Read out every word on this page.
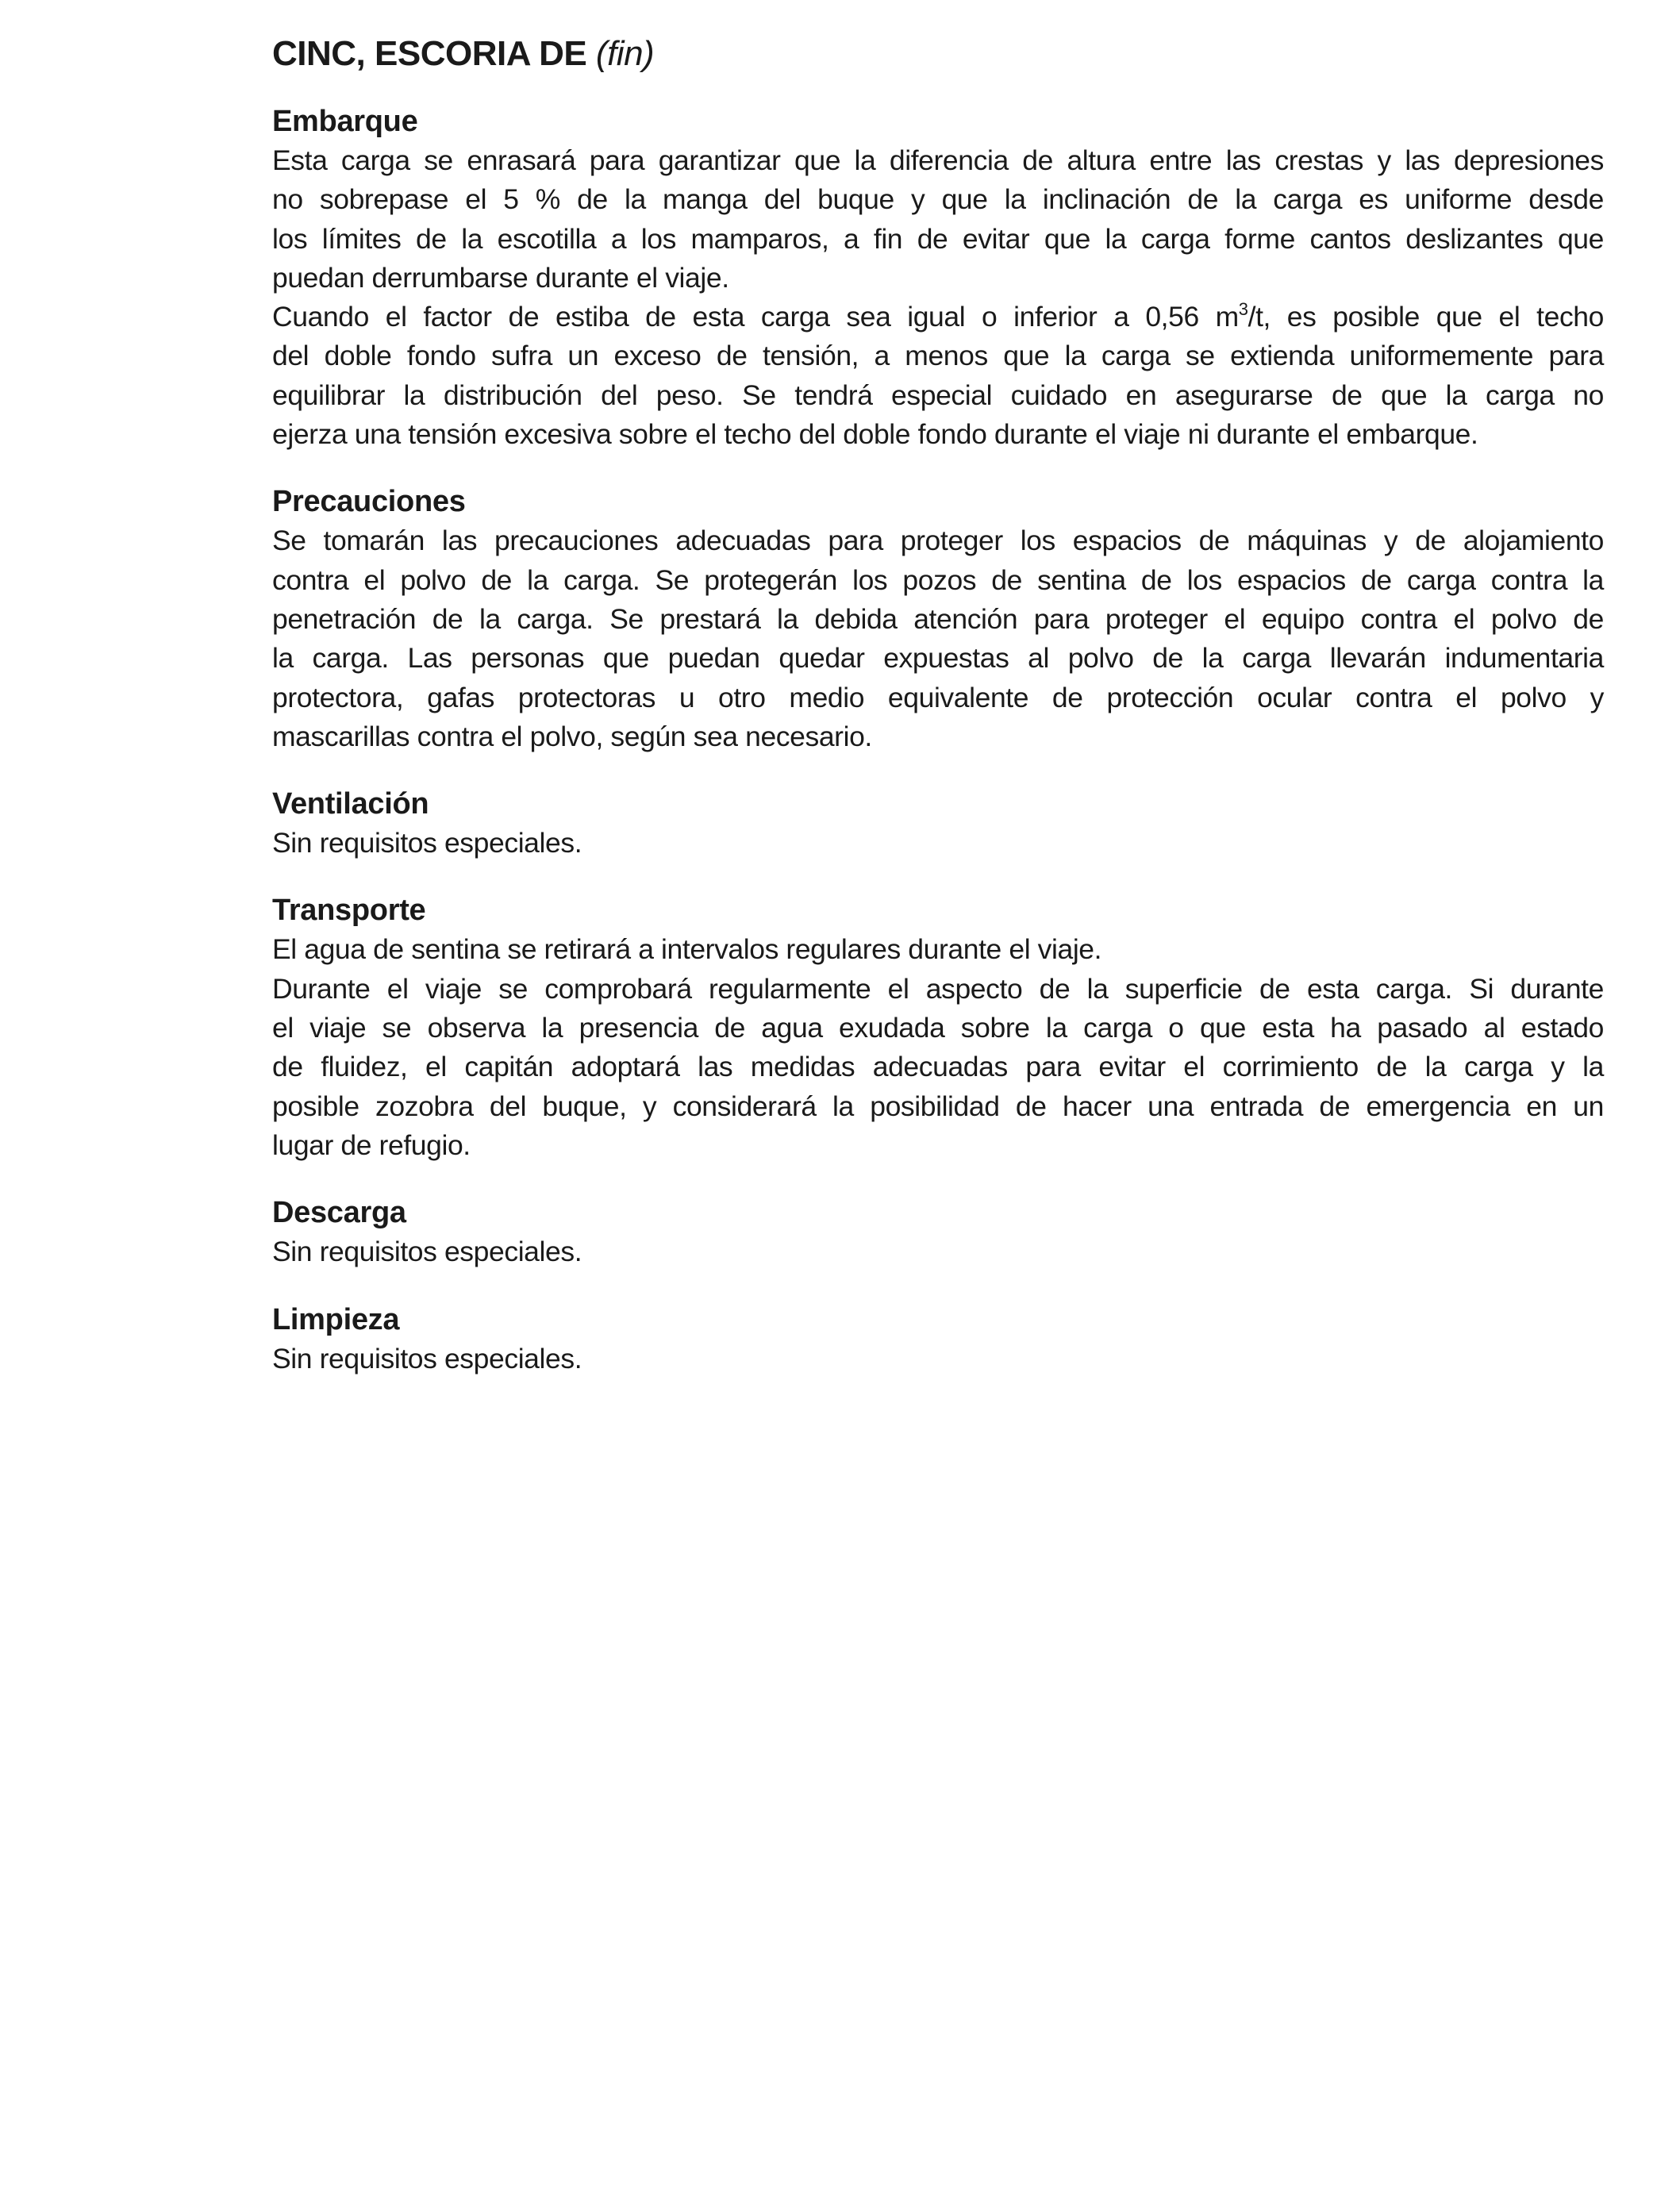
CINC, ESCORIA DE (fin)
Embarque
Esta carga se enrasará para garantizar que la diferencia de altura entre las crestas y las depresiones
no sobrepase el 5 % de la manga del buque y que la inclinación de la carga es uniforme desde
los límites de la escotilla a los mamparos, a fin de evitar que la carga forme cantos deslizantes que
puedan derrumbarse durante el viaje.
Cuando el factor de estiba de esta carga sea igual o inferior a 0,56 $m^3/t$, es posible que el techo
del doble fondo sufra un exceso de tensión, a menos que la carga se extienda uniformemente para
equilibrar la distribución del peso. Se tendrá especial cuidado en asegurarse de que la carga no
ejerza una tensión excesiva sobre el techo del doble fondo durante el viaje ni durante el embarque.
Precauciones
Se tomarán las precauciones adecuadas para proteger los espacios de máquinas y de alojamiento
contra el polvo de la carga. Se protegerán los pozos de sentina de los espacios de carga contra la
penetración de la carga. Se prestará la debida atención para proteger el equipo contra el polvo de
la carga. Las personas que puedan quedar expuestas al polvo de la carga llevarán indumentaria
protectora, gafas protectoras u otro medio equivalente de protección ocular contra el polvo y
mascarillas contra el polvo, según sea necesario.
Ventilación
Sin requisitos especiales.
Transporte
El agua de sentina se retirará a intervalos regulares durante el viaje.
Durante el viaje se comprobará regularmente el aspecto de la superficie de esta carga. Si durante
el viaje se observa la presencia de agua exudada sobre la carga o que esta ha pasado al estado
de fluidez, el capitán adoptará las medidas adecuadas para evitar el corrimiento de la carga y la
posible zozobra del buque, y considerará la posibilidad de hacer una entrada de emergencia en un
lugar de refugio.
Descarga
Sin requisitos especiales.
Limpieza
Sin requisitos especiales.
